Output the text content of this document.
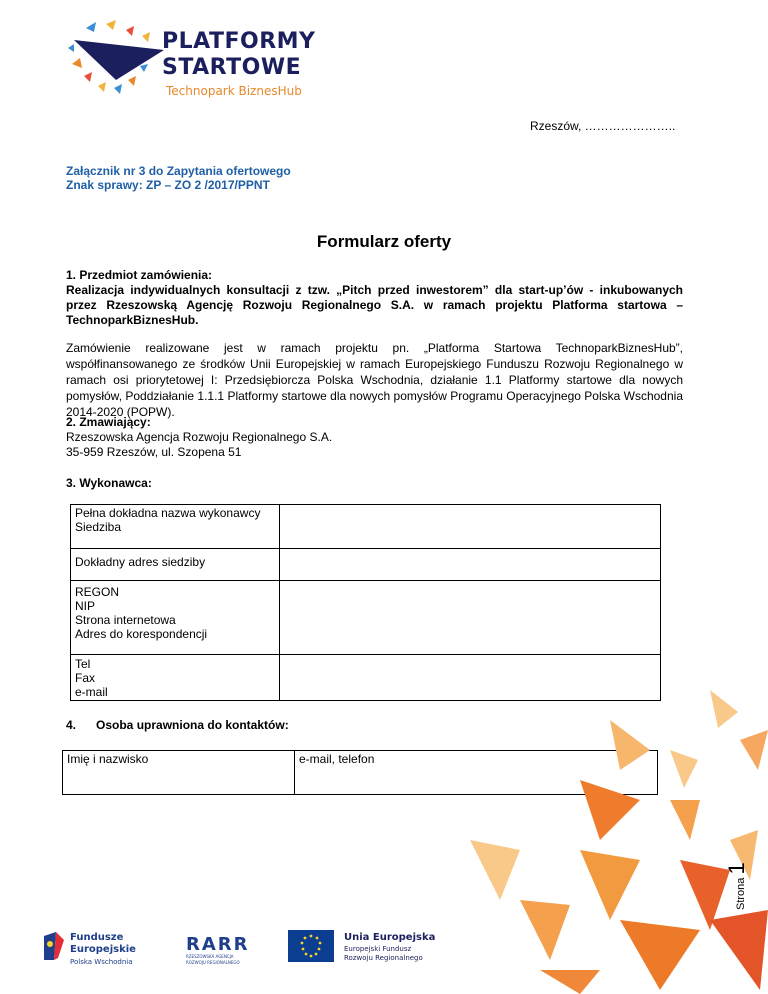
PLATFORMY
STARTOWE
Technopark BiznesHub
Rzeszów, …………………..
Załącznik nr 3 do Zapytania ofertowego
Znak sprawy: ZP – ZO 2 /2017/PPNT
Formularz oferty

1. Przedmiot zamówienia:

Realizacja indywidualnych konsultacji z tzw. „Pitch przed inwestorem” dla start-up’ów - inkubowanych przez Rzeszowską Agencję Rozwoju Regionalnego S.A. w ramach projektu Platforma startowa – TechnoparkBiznesHub.

Zamówienie realizowane jest w ramach projektu pn. „Platforma Startowa TechnoparkBiznesHub”, współfinansowanego ze środków Unii Europejskiej w ramach Europejskiego Funduszu Rozwoju Regionalnego w ramach osi priorytetowej I: Przedsiębiorcza Polska Wschodnia, działanie 1.1 Platformy startowe dla nowych pomysłów, Poddziałanie 1.1.1 Platformy startowe dla nowych pomysłów Programu Operacyjnego Polska Wschodnia 2014-2020 (POPW).

2. Zmawiający:

Rzeszowska Agencja Rozwoju Regionalnego S.A.

35-959 Rzeszów, ul. Szopena 51

3. Wykonawca:

Pełna dokładna nazwa wykonawcy
Siedziba	

Dokładny adres siedziby	

REGON
NIP
Strona internetowa
Adres do korespondencji	

Tel
Fax
e-mail	

4.      Osoba uprawniona do kontaktów:

Imię i nazwisko	e-mail, telefon
Strona 1
Fundusze
Europejskie
Polska Wschodnia
RARR
RZESZOWSKA AGENCJA
ROZWOJU REGIONALNEGO
Unia Europejska
Europejski Fundusz
Rozwoju Regionalnego
